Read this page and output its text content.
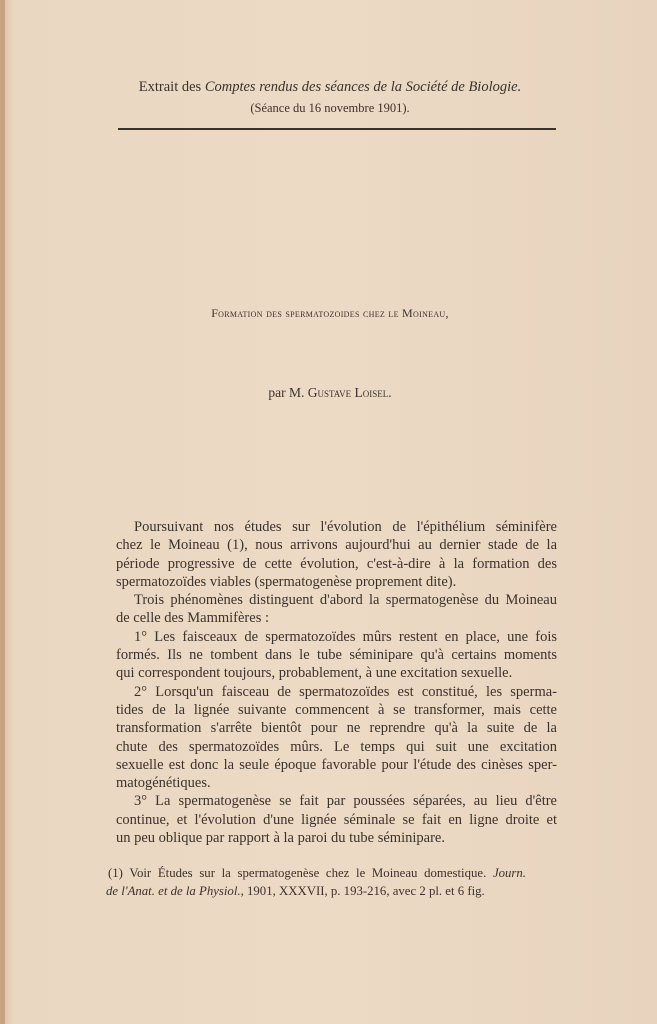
Extrait des Comptes rendus des séances de la Société de Biologie.
(Séance du 16 novembre 1901).
Formation des spermatozoides chez le Moineau,
par M. Gustave Loisel.
Poursuivant nos études sur l'évolution de l'épithélium séminifère
chez le Moineau (1), nous arrivons aujourd'hui au dernier stade de la
période progressive de cette évolution, c'est-à-dire à la formation des
spermatozoïdes viables (spermatogenèse proprement dite).
Trois phénomènes distinguent d'abord la spermatogenèse du Moineau
de celle des Mammifères :
1° Les faisceaux de spermatozoïdes mûrs restent en place, une fois
formés. Ils ne tombent dans le tube séminipare qu'à certains moments
qui correspondent toujours, probablement, à une excitation sexuelle.
2° Lorsqu'un faisceau de spermatozoïdes est constitué, les sperma-
tides de la lignée suivante commencent à se transformer, mais cette
transformation s'arrête bientôt pour ne reprendre qu'à la suite de la
chute des spermatozoïdes mûrs. Le temps qui suit une excitation
sexuelle est donc la seule époque favorable pour l'étude des cinèses sper-
matogénétiques.
3° La spermatogenèse se fait par poussées séparées, au lieu d'être
continue, et l'évolution d'une lignée séminale se fait en ligne droite et
un peu oblique par rapport à la paroi du tube séminipare.
(1) Voir Études sur la spermatogenèse chez le Moineau domestique. Journ.
de l'Anat. et de la Physiol., 1901, XXXVII, p. 193-216, avec 2 pl. et 6 fig.
